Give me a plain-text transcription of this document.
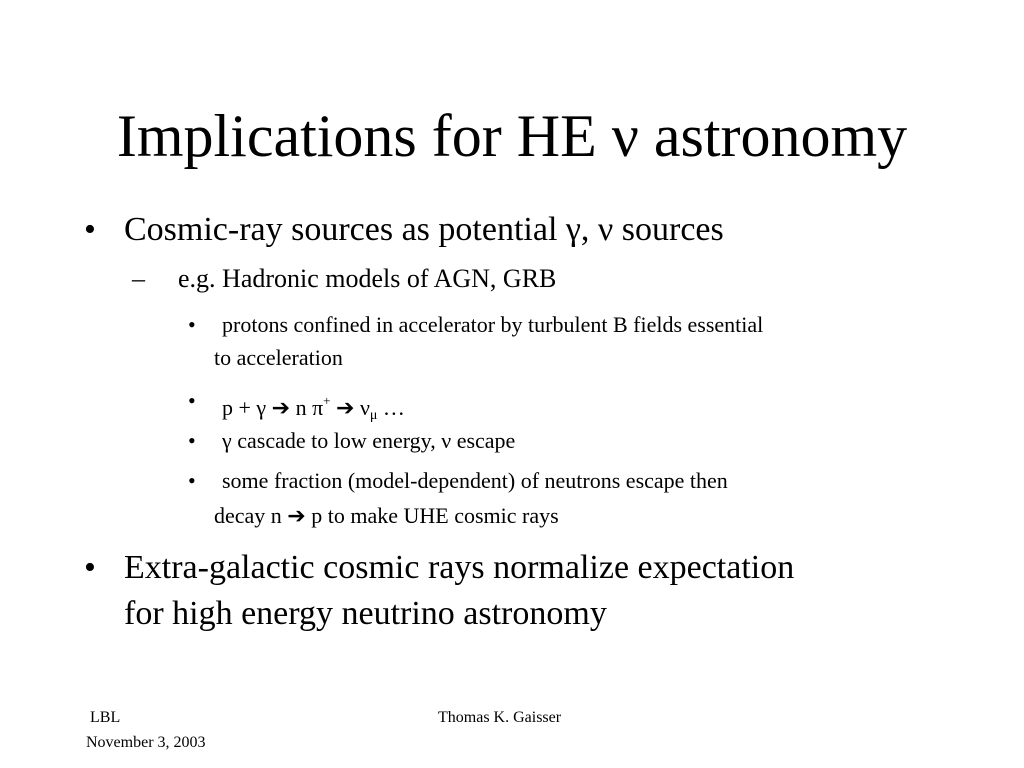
Implications for HE ν astronomy
• Cosmic-ray sources as potential γ, ν sources
– e.g. Hadronic models of AGN, GRB
• protons confined in accelerator by turbulent B fields essential
to acceleration
• p + γ ➔ n π+ ➔ $\nu_\mu$ …
• γ cascade to low energy, ν escape
• some fraction (model-dependent) of neutrons escape then
decay n ➔ p to make UHE cosmic rays
• Extra-galactic cosmic rays normalize expectation
for high energy neutrino astronomy
LBL
November 3, 2003
Thomas K. Gaisser
